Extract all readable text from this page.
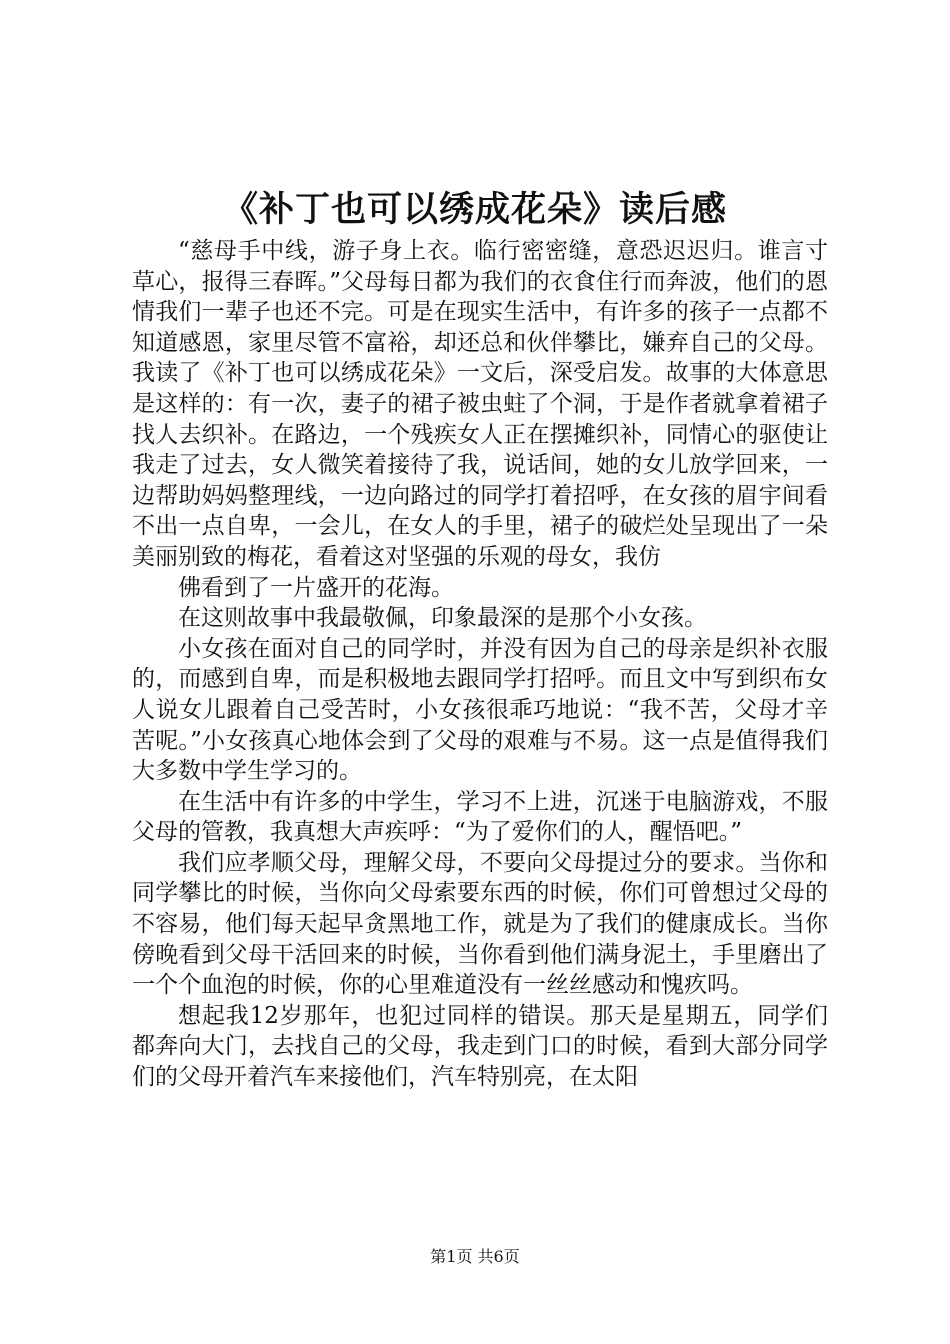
《补丁也可以绣成花朵》读后感

“慈母手中线，游子身上衣。临行密密缝，意恐迟迟归。谁言寸草心，报得三春晖。”父母每日都为我们的衣食住行而奔波，他们的恩情我们一辈子也还不完。可是在现实生活中，有许多的孩子一点都不知道感恩，家里尽管不富裕，却还总和伙伴攀比，嫌弃自己的父母。我读了《补丁也可以绣成花朵》一文后，深受启发。故事的大体意思是这样的：有一次，妻子的裙子被虫蛀了个洞，于是作者就拿着裙子找人去织补。在路边，一个残疾女人正在摆摊织补，同情心的驱使让我走了过去，女人微笑着接待了我，说话间，她的女儿放学回来，一边帮助妈妈整理线，一边向路过的同学打着招呼，在女孩的眉宇间看不出一点自卑，一会儿，在女人的手里，裙子的破烂处呈现出了一朵美丽别致的梅花，看着这对坚强的乐观的母女，我仿

佛看到了一片盛开的花海。

在这则故事中我最敬佩，印象最深的是那个小女孩。

小女孩在面对自己的同学时，并没有因为自己的母亲是织补衣服的，而感到自卑，而是积极地去跟同学打招呼。而且文中写到织布女人说女儿跟着自己受苦时，小女孩很乖巧地说：“我不苦，父母才辛苦呢。”小女孩真心地体会到了父母的艰难与不易。这一点是值得我们大多数中学生学习的。

在生活中有许多的中学生，学习不上进，沉迷于电脑游戏，不服父母的管教，我真想大声疾呼：“为了爱你们的人，醒悟吧。”

我们应孝顺父母，理解父母，不要向父母提过分的要求。当你和同学攀比的时候，当你向父母索要东西的时候，你们可曾想过父母的不容易，他们每天起早贪黑地工作，就是为了我们的健康成长。当你傍晚看到父母干活回来的时候，当你看到他们满身泥土，手里磨出了一个个血泡的时候，你的心里难道没有一丝丝感动和愧疚吗。

想起我12岁那年，也犯过同样的错误。那天是星期五，同学们都奔向大门，去找自己的父母，我走到门口的时候，看到大部分同学们的父母开着汽车来接他们，汽车特别亮，在太阳

第1页 共6页
